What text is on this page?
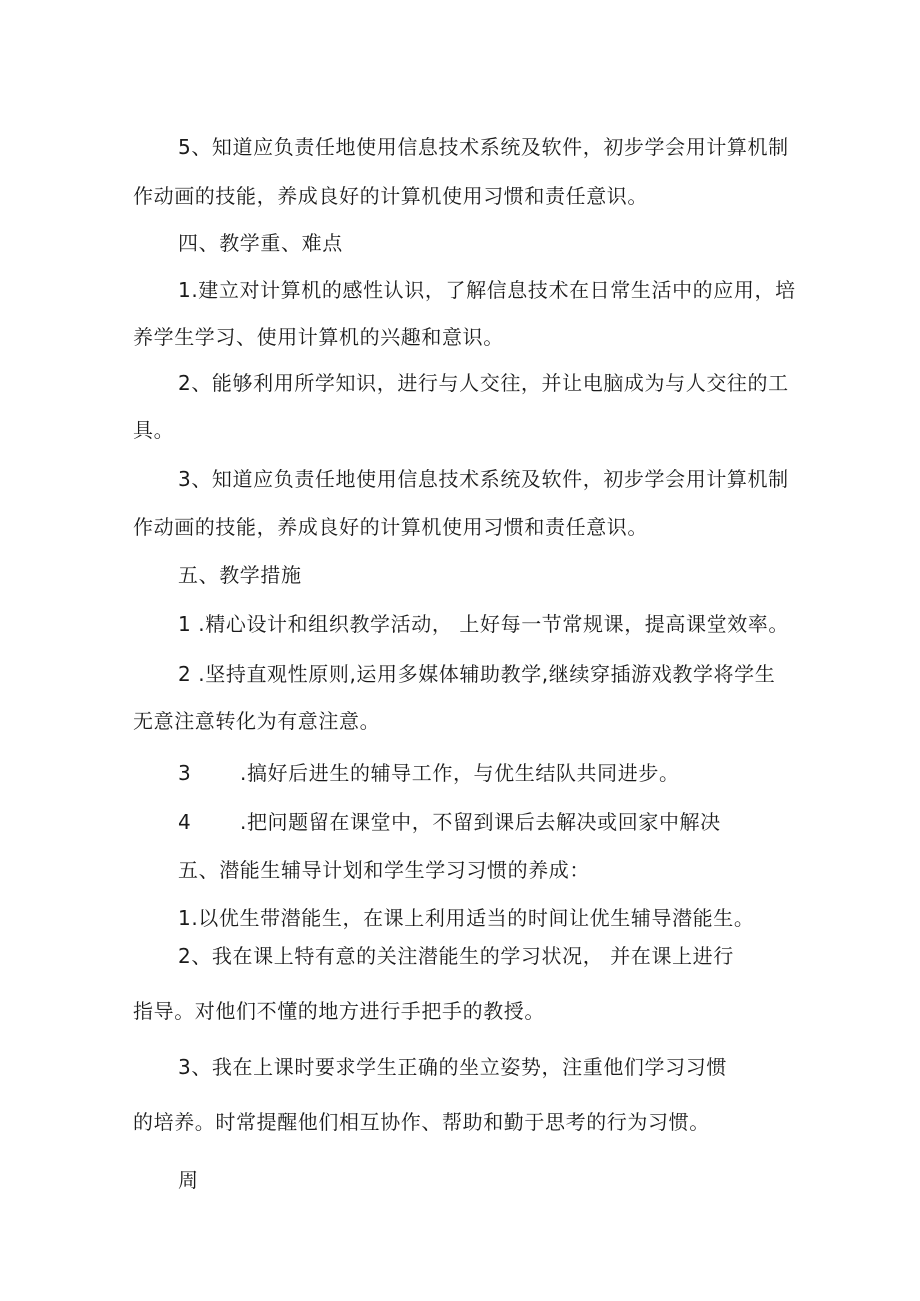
5、知道应负责任地使用信息技术系统及软件，初步学会用计算机制

作动画的技能，养成良好的计算机使用习惯和责任意识。

四、教学重、难点

1.建立对计算机的感性认识，了解信息技术在日常生活中的应用，培

养学生学习、使用计算机的兴趣和意识。

2、能够利用所学知识，进行与人交往，并让电脑成为与人交往的工

具。

3、知道应负责任地使用信息技术系统及软件，初步学会用计算机制

作动画的技能，养成良好的计算机使用习惯和责任意识。

五、教学措施

1 .精心设计和组织教学活动， 上好每一节常规课，提高课堂效率。

2 .坚持直观性原则,运用多媒体辅助教学,继续穿插游戏教学将学生

无意注意转化为有意注意。

3 .搞好后进生的辅导工作，与优生结队共同进步。

4 .把问题留在课堂中，不留到课后去解决或回家中解决

五、潜能生辅导计划和学生学习习惯的养成：

1.以优生带潜能生，在课上利用适当的时间让优生辅导潜能生。

2、我在课上特有意的关注潜能生的学习状况， 并在课上进行

指导。对他们不懂的地方进行手把手的教授。

3、我在上课时要求学生正确的坐立姿势，注重他们学习习惯

的培养。时常提醒他们相互协作、帮助和勤于思考的行为习惯。

周
